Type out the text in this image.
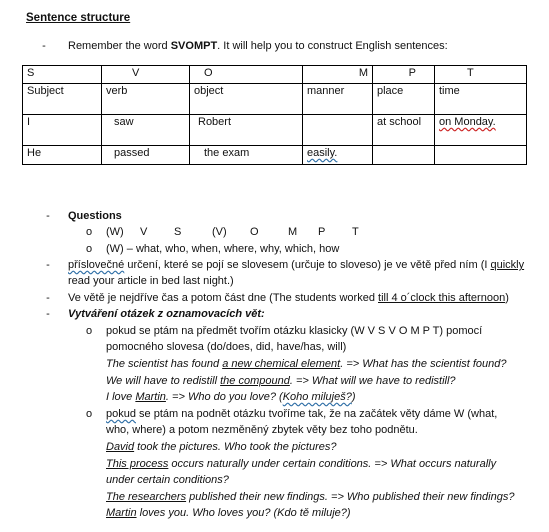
Sentence structure
- Remember the word SVOMPT. It will help you to construct English sentences:
S	V	O	M	P	T
Subject	verb	object	manner	place	time
I	saw	Robert		at school	on Monday.
He	passed	the exam	easily.		
- Questions
o (W) V S	(V) O	M P T
o (W) – what, who, when, where, why, which, how
- příslovečné určení, které se pojí se slovesem (určuje to sloveso) je ve větě před ním (I quickly
read your article in bed last night.)
- Ve větě je nejdříve čas a potom část dne (The students worked till 4 o´clock this afternoon)
- Vytváření otázek z oznamovacích vět:
o pokud se ptám na předmět tvořím otázku klasicky (W V S V O M P T) pomocí
pomocného slovesa (do/does, did, have/has, will)
The scientist has found a new chemical element. => What has the scientist found?
We will have to redistill the compound. => What will we have to redistill?
I love Martin. => Who do you love? (Koho miluješ?)
o pokud se ptám na podnět otázku tvoříme tak, že na začátek věty dáme W (what,
who, where) a potom nezměněný zbytek věty bez toho podnětu.
David took the pictures. Who took the pictures?
This process occurs naturally under certain conditions. => What occurs naturally
under certain conditions?
The researchers published their new findings. => Who published their new findings?
Martin loves you. Who loves you? (Kdo tě miluje?)
